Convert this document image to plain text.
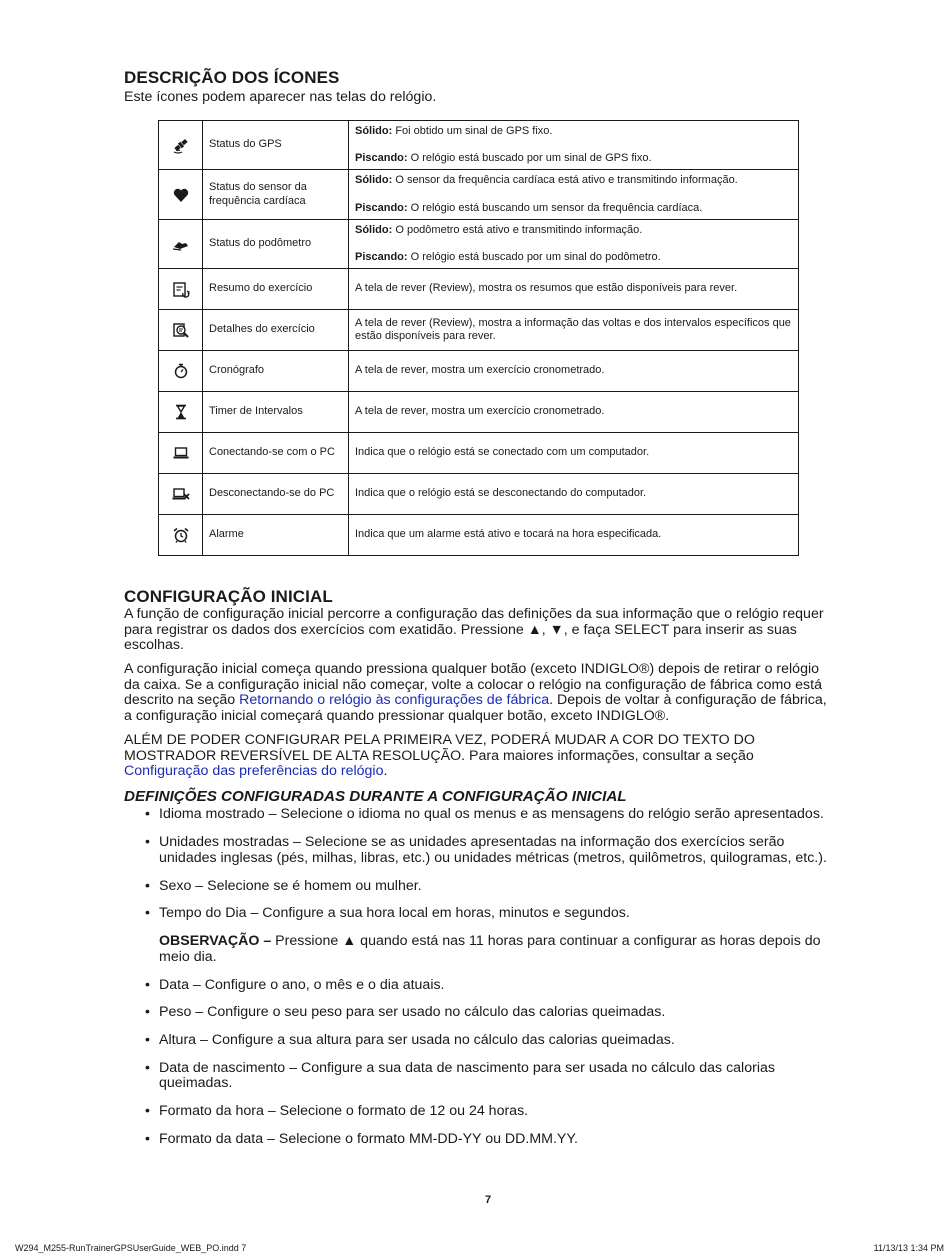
DESCRIÇÃO DOS ÍCONES

Este ícones podem aparecer nas telas do relógio.

	Status do GPS	Sólido: Foi obtido um sinal de GPS fixo.

Piscando: O relógio está buscado por um sinal de GPS fixo.

	Status do sensor da frequência cardíaca	Sólido: O sensor da frequência cardíaca está ativo e transmitindo informação.

Piscando: O relógio está buscando um sensor da frequência cardíaca.

	Status do podômetro	Sólido: O podômetro está ativo e transmitindo informação.

Piscando: O relógio está buscado por um sinal do podômetro.

	Resumo do exercício	A tela de rever (Review), mostra os resumos que estão disponíveis para rever.
	Detalhes do exercício	A tela de rever (Review), mostra a informação das voltas e dos intervalos específicos que estão disponíveis para rever.
	Cronógrafo	A tela de rever, mostra um exercício cronometrado.
	Timer de Intervalos	A tela de rever, mostra um exercício cronometrado.
	Conectando-se com o PC	Indica que o relógio está se conectado com um computador.
	Desconectando-se do PC	Indica que o relógio está se desconectando do computador.
	Alarme	Indica que um alarme está ativo e tocará na hora especificada.
CONFIGURAÇÃO INICIAL

A função de configuração inicial percorre a configuração das definições da sua informação que o relógio requer para registrar os dados dos exercícios com exatidão. Pressione ▲, ▼, e faça SELECT para inserir as suas escolhas.

A configuração inicial começa quando pressiona qualquer botão (exceto INDIGLO®) depois de retirar o relógio da caixa. Se a configuração inicial não começar, volte a colocar o relógio na configuração de fábrica como está descrito na seção Retornando o relógio às configurações de fábrica. Depois de voltar à configuração de fábrica, a configuração inicial começará quando pressionar qualquer botão, exceto INDIGLO®.

ALÉM DE PODER CONFIGURAR PELA PRIMEIRA VEZ, PODERÁ MUDAR A COR DO TEXTO DO MOSTRADOR REVERSÍVEL DE ALTA RESOLUÇÃO. Para maiores informações, consultar a seção Configuração das preferências do relógio.

DEFINIÇÕES CONFIGURADAS DURANTE A CONFIGURAÇÃO INICIAL
• Idioma mostrado – Selecione o idioma no qual os menus e as mensagens do relógio serão apresentados.
• Unidades mostradas – Selecione se as unidades apresentadas na informação dos exercícios serão unidades inglesas (pés, milhas, libras, etc.) ou unidades métricas (metros, quilômetros, quilogramas, etc.).
• Sexo – Selecione se é homem ou mulher.
• Tempo do Dia – Configure a sua hora local em horas, minutos e segundos.
OBSERVAÇÃO – Pressione ▲ quando está nas 11 horas para continuar a configurar as horas depois do meio dia.
• Data – Configure o ano, o mês e o dia atuais.
• Peso – Configure o seu peso para ser usado no cálculo das calorias queimadas.
• Altura – Configure a sua altura para ser usada no cálculo das calorias queimadas.
• Data de nascimento – Configure a sua data de nascimento para ser usada no cálculo das calorias queimadas.
• Formato da hora – Selecione o formato de 12 ou 24 horas.
• Formato da data – Selecione o formato MM-DD-YY ou DD.MM.YY.
7
W294_M255-RunTrainerGPSUserGuide_WEB_PO.indd 7	11/13/13 1:34 PM
